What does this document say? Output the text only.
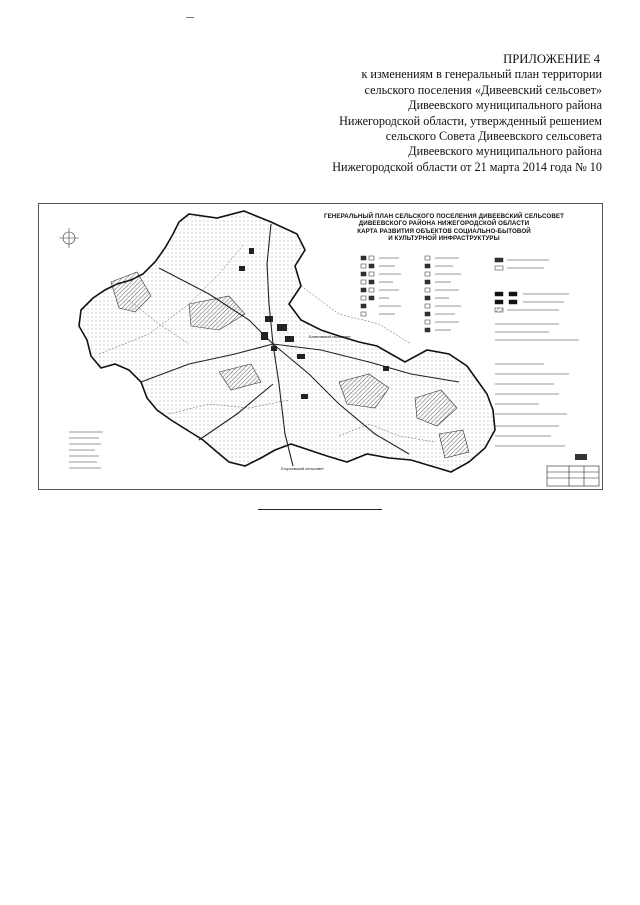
ПРИЛОЖЕНИЕ 4
к изменениям в генеральный план территории
сельского поселения «Дивеевский сельсовет»
Дивеевского муниципального района
Нижегородской области, утвержденный решением
сельского Совета Дивеевского сельсовета
Дивеевского муниципального района
Нижегородской области от 21 марта 2014 года № 10
ГЕНЕРАЛЬНЫЙ ПЛАН СЕЛЬСКОГО ПОСЕЛЕНИЯ ДИВЕЕВСКИЙ СЕЛЬСОВЕТ
ДИВЕЕВСКОГО РАЙОНА НИЖЕГОРОДСКОЙ ОБЛАСТИ
КАРТА РАЗВИТИЯ ОБЪЕКТОВ СОЦИАЛЬНО-БЫТОВОЙ
И КУЛЬТУРНОЙ ИНФРАСТРУКТУРЫ
Блиновский сельсовет
Егорьевский сельсовет
